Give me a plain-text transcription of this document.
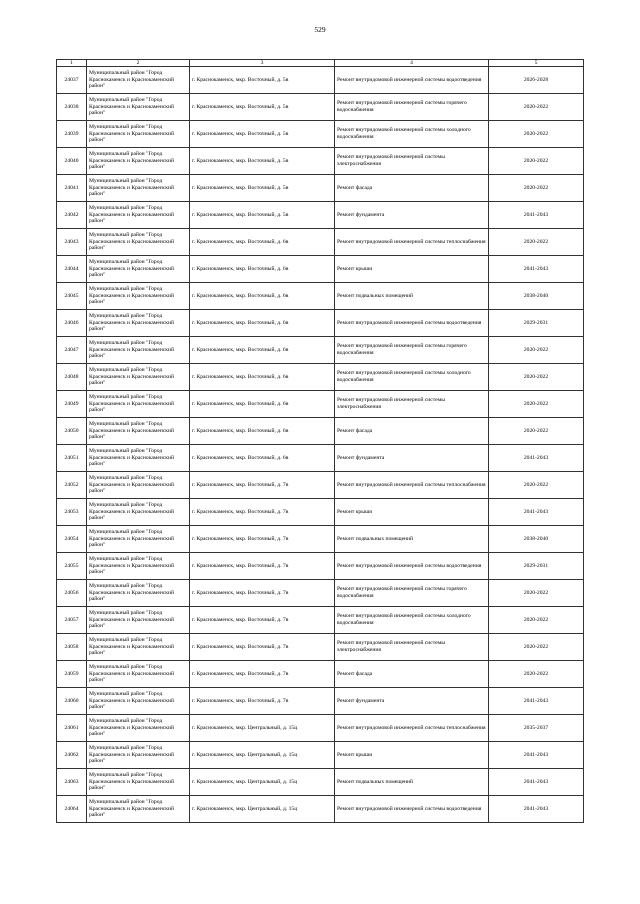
529
1	2	3	4	5
24037	Муниципальный район "Город Краснокаменск и Краснокаменский район"	г. Краснокаменск, мкр. Восточный, д. 5в	Ремонт внутридомовой инженерной системы водоотведения	2026-2028
24038	Муниципальный район "Город Краснокаменск и Краснокаменский район"	г. Краснокаменск, мкр. Восточный, д. 5в	Ремонт внутридомовой инженерной системы горячего водоснабжения	2020-2022
24039	Муниципальный район "Город Краснокаменск и Краснокаменский район"	г. Краснокаменск, мкр. Восточный, д. 5в	Ремонт внутридомовой инженерной системы холодного водоснабжения	2020-2022
24040	Муниципальный район "Город Краснокаменск и Краснокаменский район"	г. Краснокаменск, мкр. Восточный, д. 5в	Ремонт внутридомовой инженерной системы электроснабжения	2020-2022
24041	Муниципальный район "Город Краснокаменск и Краснокаменский район"	г. Краснокаменск, мкр. Восточный, д. 5в	Ремонт фасада	2020-2022
24042	Муниципальный район "Город Краснокаменск и Краснокаменский район"	г. Краснокаменск, мкр. Восточный, д. 5в	Ремонт фундамента	2041-2043
24043	Муниципальный район "Город Краснокаменск и Краснокаменский район"	г. Краснокаменск, мкр. Восточный, д. 6в	Ремонт внутридомовой инженерной системы теплоснабжения	2020-2022
24044	Муниципальный район "Город Краснокаменск и Краснокаменский район"	г. Краснокаменск, мкр. Восточный, д. 6в	Ремонт крыши	2041-2043
24045	Муниципальный район "Город Краснокаменск и Краснокаменский район"	г. Краснокаменск, мкр. Восточный, д. 6в	Ремонт подвальных помещений	2038-2040
24046	Муниципальный район "Город Краснокаменск и Краснокаменский район"	г. Краснокаменск, мкр. Восточный, д. 6в	Ремонт внутридомовой инженерной системы водоотведения	2029-2031
24047	Муниципальный район "Город Краснокаменск и Краснокаменский район"	г. Краснокаменск, мкр. Восточный, д. 6в	Ремонт внутридомовой инженерной системы горячего водоснабжения	2020-2022
24048	Муниципальный район "Город Краснокаменск и Краснокаменский район"	г. Краснокаменск, мкр. Восточный, д. 6в	Ремонт внутридомовой инженерной системы холодного водоснабжения	2020-2022
24049	Муниципальный район "Город Краснокаменск и Краснокаменский район"	г. Краснокаменск, мкр. Восточный, д. 6в	Ремонт внутридомовой инженерной системы электроснабжения	2020-2022
24050	Муниципальный район "Город Краснокаменск и Краснокаменский район"	г. Краснокаменск, мкр. Восточный, д. 6в	Ремонт фасада	2020-2022
24051	Муниципальный район "Город Краснокаменск и Краснокаменский район"	г. Краснокаменск, мкр. Восточный, д. 6в	Ремонт фундамента	2041-2043
24052	Муниципальный район "Город Краснокаменск и Краснокаменский район"	г. Краснокаменск, мкр. Восточный, д. 7в	Ремонт внутридомовой инженерной системы теплоснабжения	2020-2022
24053	Муниципальный район "Город Краснокаменск и Краснокаменский район"	г. Краснокаменск, мкр. Восточный, д. 7в	Ремонт крыши	2041-2043
24054	Муниципальный район "Город Краснокаменск и Краснокаменский район"	г. Краснокаменск, мкр. Восточный, д. 7в	Ремонт подвальных помещений	2038-2040
24055	Муниципальный район "Город Краснокаменск и Краснокаменский район"	г. Краснокаменск, мкр. Восточный, д. 7в	Ремонт внутридомовой инженерной системы водоотведения	2029-2031
24056	Муниципальный район "Город Краснокаменск и Краснокаменский район"	г. Краснокаменск, мкр. Восточный, д. 7в	Ремонт внутридомовой инженерной системы горячего водоснабжения	2020-2022
24057	Муниципальный район "Город Краснокаменск и Краснокаменский район"	г. Краснокаменск, мкр. Восточный, д. 7в	Ремонт внутридомовой инженерной системы холодного водоснабжения	2020-2022
24058	Муниципальный район "Город Краснокаменск и Краснокаменский район"	г. Краснокаменск, мкр. Восточный, д. 7в	Ремонт внутридомовой инженерной системы электроснабжения	2020-2022
24059	Муниципальный район "Город Краснокаменск и Краснокаменский район"	г. Краснокаменск, мкр. Восточный, д. 7в	Ремонт фасада	2020-2022
24060	Муниципальный район "Город Краснокаменск и Краснокаменский район"	г. Краснокаменск, мкр. Восточный, д. 7в	Ремонт фундамента	2041-2043
24061	Муниципальный район "Город Краснокаменск и Краснокаменский район"	г. Краснокаменск, мкр. Центральный, д. 15ц	Ремонт внутридомовой инженерной системы теплоснабжения	2035-2037
24062	Муниципальный район "Город Краснокаменск и Краснокаменский район"	г. Краснокаменск, мкр. Центральный, д. 15ц	Ремонт крыши	2041-2043
24063	Муниципальный район "Город Краснокаменск и Краснокаменский район"	г. Краснокаменск, мкр. Центральный, д. 15ц	Ремонт подвальных помещений	2041-2043
24064	Муниципальный район "Город Краснокаменск и Краснокаменский район"	г. Краснокаменск, мкр. Центральный, д. 15ц	Ремонт внутридомовой инженерной системы водоотведения	2041-2043
